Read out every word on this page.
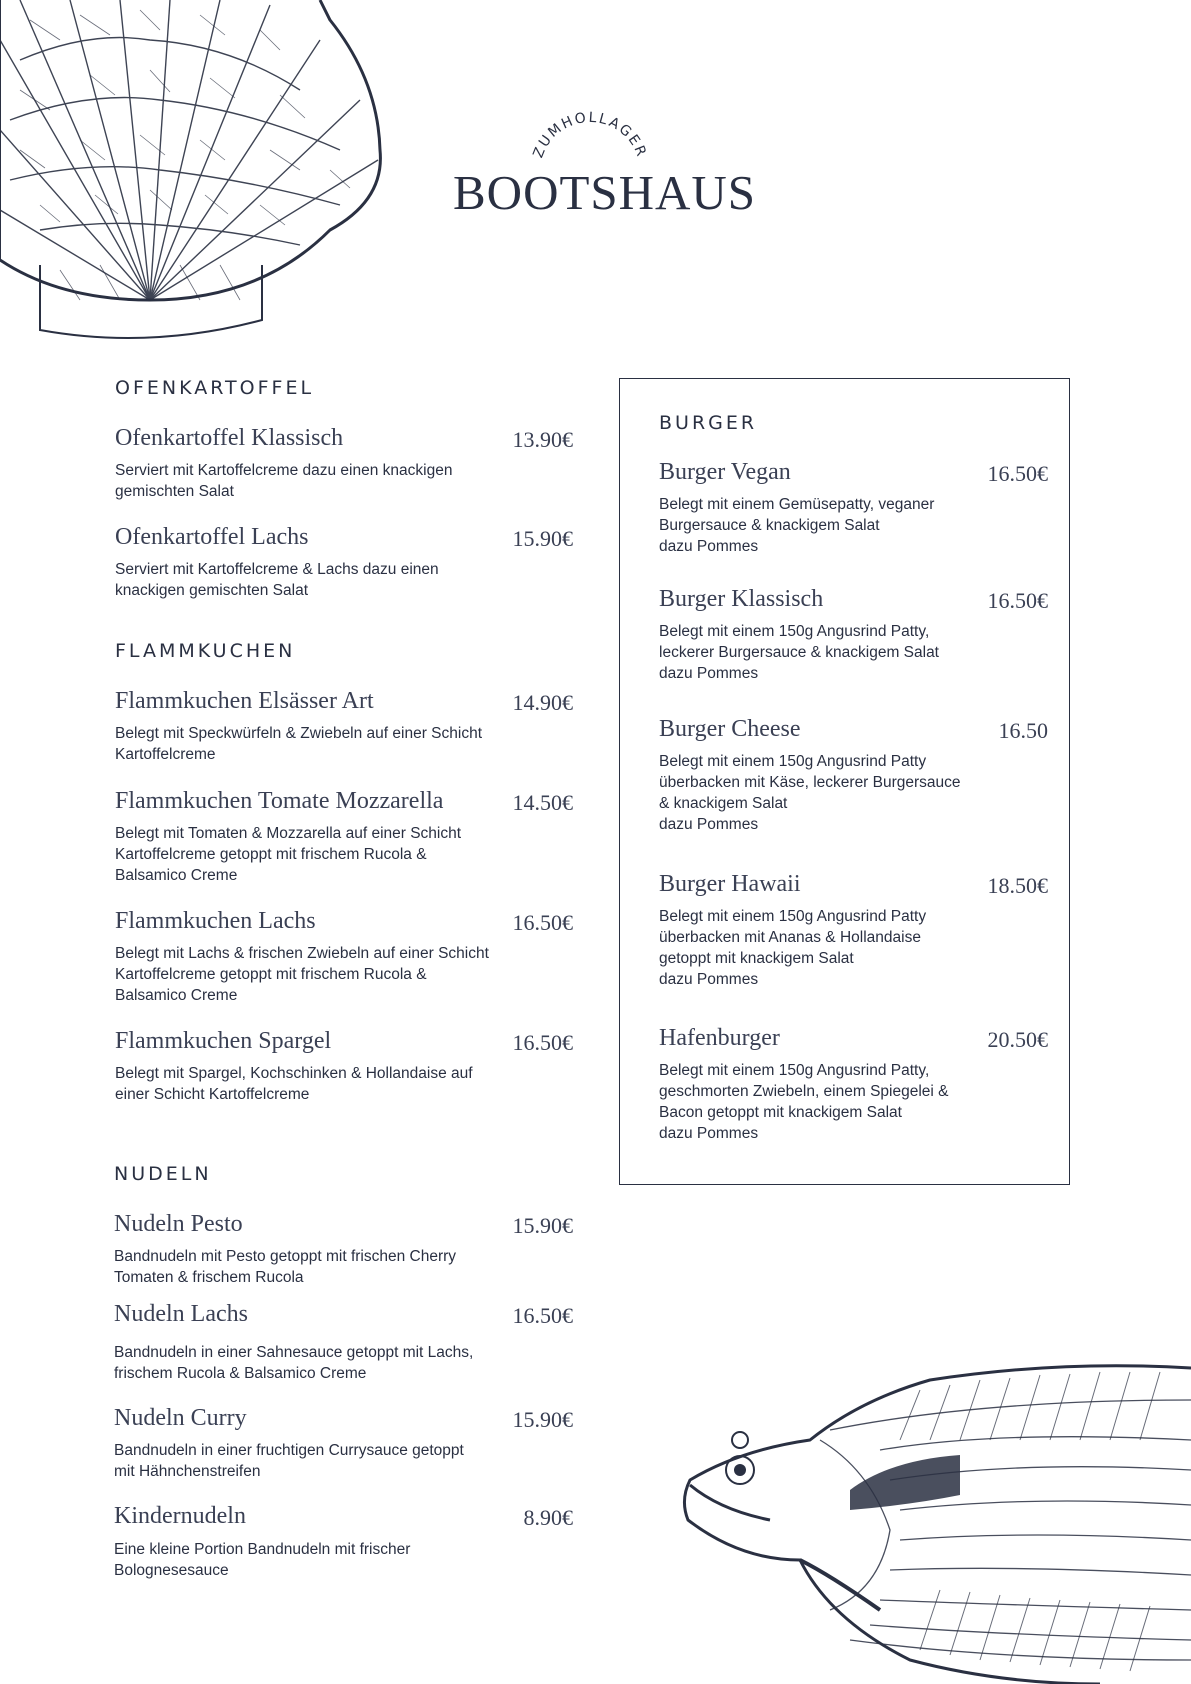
ZUMHOLLAGER
BOOTSHAUS
OFENKARTOFFEL
Ofenkartoffel Klassisch	13.90€
Serviert mit Kartoffelcreme dazu einen knackigen
gemischten Salat
Ofenkartoffel Lachs	15.90€
Serviert mit Kartoffelcreme & Lachs dazu einen
knackigen gemischten Salat
FLAMMKUCHEN
Flammkuchen Elsässer Art	14.90€
Belegt mit Speckwürfeln & Zwiebeln auf einer Schicht
Kartoffelcreme
Flammkuchen Tomate Mozzarella	14.50€
Belegt mit Tomaten & Mozzarella auf einer Schicht
Kartoffelcreme getoppt mit frischem Rucola &
Balsamico Creme
Flammkuchen Lachs	16.50€
Belegt mit Lachs & frischen Zwiebeln auf einer Schicht
Kartoffelcreme getoppt mit frischem Rucola &
Balsamico Creme
Flammkuchen Spargel	16.50€
Belegt mit Spargel, Kochschinken & Hollandaise auf
einer Schicht Kartoffelcreme
NUDELN
Nudeln Pesto	15.90€
Bandnudeln mit Pesto getoppt mit frischen Cherry
Tomaten & frischem Rucola
Nudeln Lachs	16.50€
Bandnudeln in einer Sahnesauce getoppt mit Lachs,
frischem Rucola & Balsamico Creme
Nudeln Curry	15.90€
Bandnudeln in einer fruchtigen Currysauce getoppt
mit Hähnchenstreifen
Kindernudeln	8.90€
Eine kleine Portion Bandnudeln mit frischer
Bolognesesauce
BURGER
Burger Vegan	16.50€
Belegt mit einem Gemüsepatty, veganer
Burgersauce & knackigem Salat
dazu Pommes
Burger Klassisch	16.50€
Belegt mit einem 150g Angusrind Patty,
leckerer Burgersauce & knackigem Salat
dazu Pommes
Burger Cheese	16.50
Belegt mit einem 150g Angusrind Patty
überbacken mit Käse, leckerer Burgersauce
& knackigem Salat
dazu Pommes
Burger Hawaii	18.50€
Belegt mit einem 150g Angusrind Patty
überbacken mit Ananas & Hollandaise
getoppt mit knackigem Salat
dazu Pommes
Hafenburger	20.50€
Belegt mit einem 150g Angusrind Patty,
geschmorten Zwiebeln, einem Spiegelei &
Bacon getoppt mit knackigem Salat
dazu Pommes
